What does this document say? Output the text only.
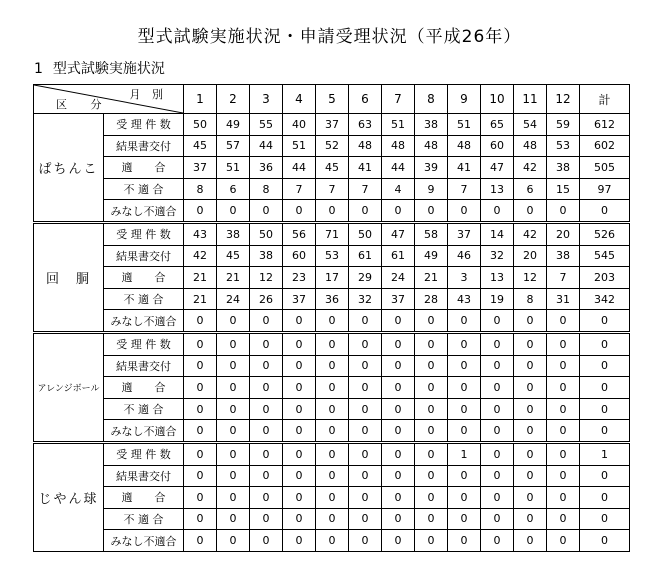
型式試験実施状況・申請受理状況（平成26年）
1 型式試験実施状況
月 別
区 分		1	2	3	4	5	6	7	8	9	10	11	12	計
ぱちんこ	受 理 件 数	50	49	55	40	37	63	51	38	51	65	54	59	612
	結果書交付	45	57	44	51	52	48	48	48	48	60	48	53	602
	適　　合	37	51	36	44	45	41	44	39	41	47	42	38	505
	不 適 合	8	6	8	7	7	7	4	9	7	13	6	15	97
	みなし不適合	0	0	0	0	0	0	0	0	0	0	0	0	0
回　胴	受 理 件 数	43	38	50	56	71	50	47	58	37	14	42	20	526
	結果書交付	42	45	38	60	53	61	61	49	46	32	20	38	545
	適　　合	21	21	12	23	17	29	24	21	3	13	12	7	203
	不 適 合	21	24	26	37	36	32	37	28	43	19	8	31	342
	みなし不適合	0	0	0	0	0	0	0	0	0	0	0	0	0
アレンジボール	受 理 件 数	0	0	0	0	0	0	0	0	0	0	0	0	0
	結果書交付	0	0	0	0	0	0	0	0	0	0	0	0	0
	適　　合	0	0	0	0	0	0	0	0	0	0	0	0	0
	不 適 合	0	0	0	0	0	0	0	0	0	0	0	0	0
	みなし不適合	0	0	0	0	0	0	0	0	0	0	0	0	0
じやん球	受 理 件 数	0	0	0	0	0	0	0	0	1	0	0	0	1
	結果書交付	0	0	0	0	0	0	0	0	0	0	0	0	0
	適　　合	0	0	0	0	0	0	0	0	0	0	0	0	0
	不 適 合	0	0	0	0	0	0	0	0	0	0	0	0	0
	みなし不適合	0	0	0	0	0	0	0	0	0	0	0	0	0
